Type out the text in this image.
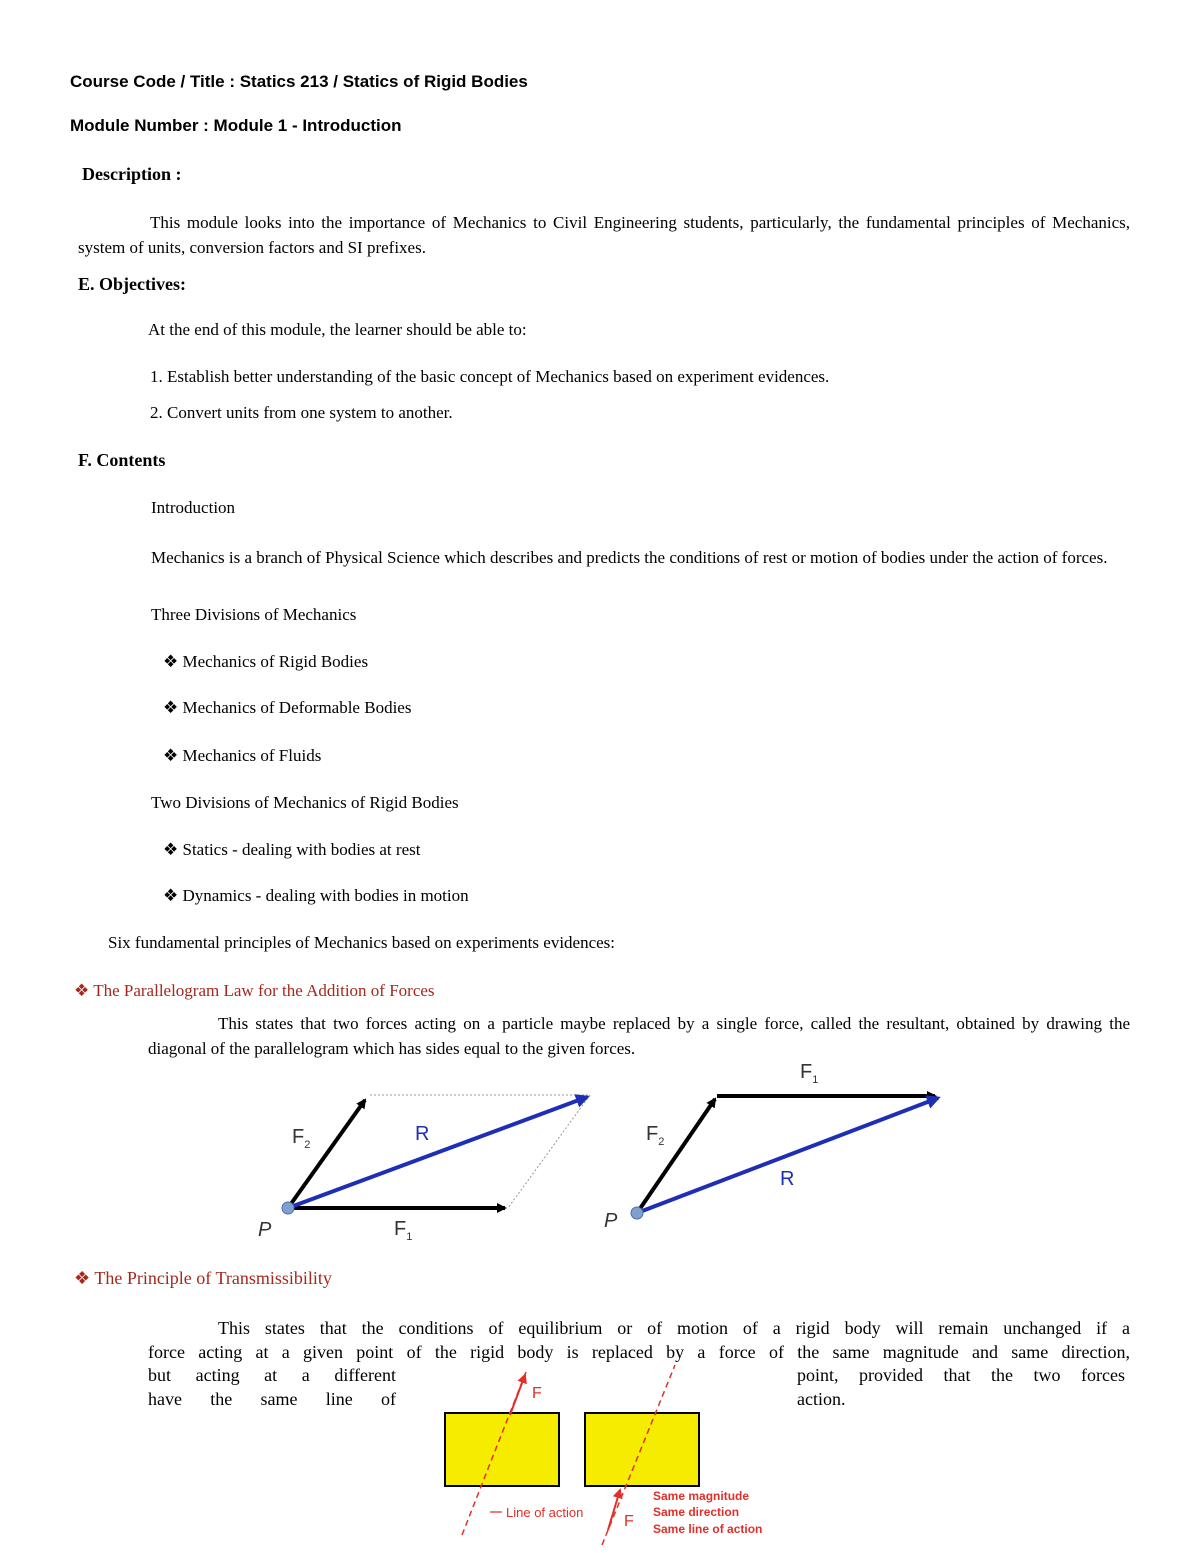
Course Code / Title : Statics 213 / Statics of Rigid Bodies
Module Number : Module 1 - Introduction
Description :
This module looks into the importance of Mechanics to Civil Engineering students, particularly, the fundamental principles of Mechanics, system of units, conversion factors and SI prefixes.
E. Objectives:
At the end of this module, the learner should be able to:
1. Establish better understanding of the basic concept of Mechanics based on experiment evidences.
2. Convert units from one system to another.
F. Contents
Introduction
Mechanics is a branch of Physical Science which describes and predicts the conditions of rest or motion of bodies under the action of forces.
Three Divisions of Mechanics
❖ Mechanics of Rigid Bodies
❖ Mechanics of Deformable Bodies
❖ Mechanics of Fluids
Two Divisions of Mechanics of Rigid Bodies
❖ Statics - dealing with bodies at rest
❖ Dynamics - dealing with bodies in motion
Six fundamental principles of Mechanics based on experiments evidences:
❖ The Parallelogram Law for the Addition of Forces
This states that two forces acting on a particle maybe replaced by a single force, called the resultant, obtained by drawing the diagonal of the parallelogram which has sides equal to the given forces.
$F_2$	R
$F_1$
P
$F_1$
$F_2$
R
P
❖ The Principle of Transmissibility
This states that the conditions of equilibrium or of motion of a rigid body will remain unchanged if a
force acting at a given point of the rigid body is replaced by a force of the same magnitude and same direction,
but acting at a different	point, provided that the two forces
have the same line of	action.
F
F
Line of action
Same magnitude
Same direction
Same line of action
